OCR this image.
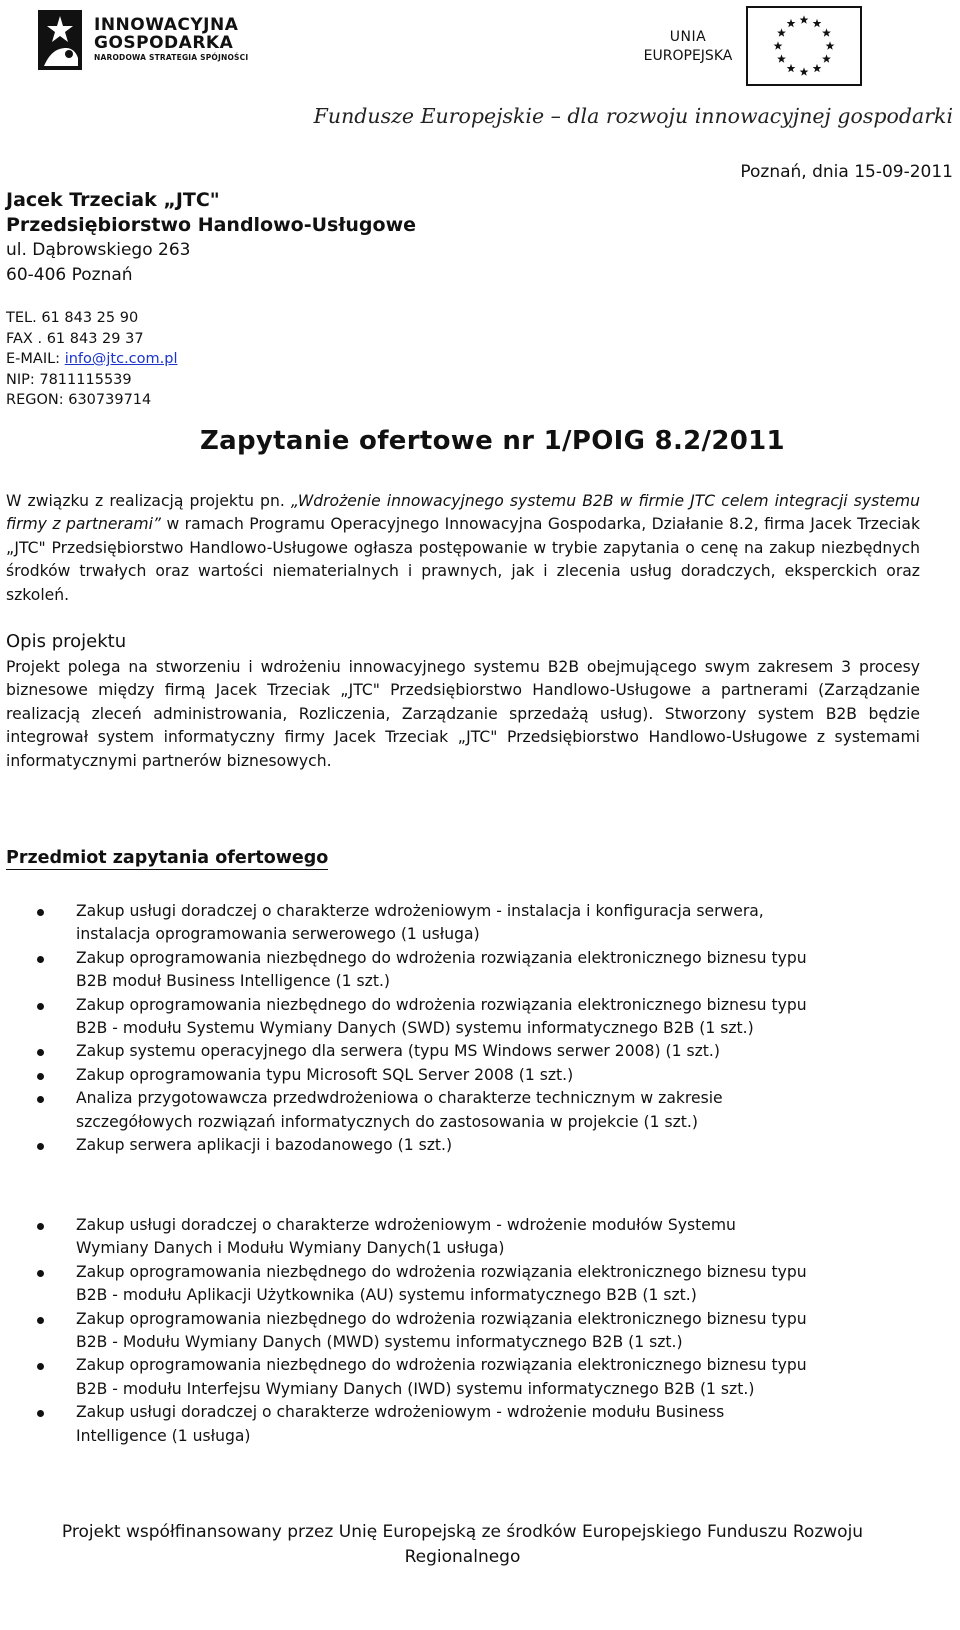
INNOWACYJNA
GOSPODARKA
NARODOWA STRATEGIA SPÓJNOŚCI
UNIA
EUROPEJSKA
Fundusze Europejskie – dla rozwoju innowacyjnej gospodarki
Poznań, dnia 15-09-2011
Jacek Trzeciak „JTC"
Przedsiębiorstwo Handlowo-Usługowe
ul. Dąbrowskiego 263
60-406 Poznań
TEL. 61 843 25 90
FAX . 61 843 29 37
E-MAIL: info@jtc.com.pl
NIP: 7811115539
REGON: 630739714
Zapytanie ofertowe nr 1/POIG 8.2/2011
W związku z realizacją projektu pn. „Wdrożenie innowacyjnego systemu B2B w firmie JTC celem integracji systemu firmy z partnerami” w ramach Programu Operacyjnego Innowacyjna Gospodarka, Działanie 8.2, firma Jacek Trzeciak „JTC" Przedsiębiorstwo Handlowo-Usługowe ogłasza postępowanie w trybie zapytania o cenę na zakup niezbędnych środków trwałych oraz wartości niematerialnych i prawnych, jak i zlecenia usług doradczych, eksperckich oraz szkoleń.
Opis projektu
Projekt polega na stworzeniu i wdrożeniu innowacyjnego systemu B2B obejmującego swym zakresem 3 procesy biznesowe między firmą Jacek Trzeciak „JTC" Przedsiębiorstwo Handlowo-Usługowe a partnerami (Zarządzanie realizacją zleceń administrowania, Rozliczenia, Zarządzanie sprzedażą usług). Stworzony system B2B będzie integrował system informatyczny firmy Jacek Trzeciak „JTC" Przedsiębiorstwo Handlowo-Usługowe z systemami informatycznymi partnerów biznesowych.
Przedmiot zapytania ofertowego
Zakup usługi doradczej o charakterze wdrożeniowym - instalacja i konfiguracja serwera,
instalacja oprogramowania serwerowego (1 usługa)
Zakup oprogramowania niezbędnego do wdrożenia rozwiązania elektronicznego biznesu typu
B2B moduł Business Intelligence (1 szt.)
Zakup oprogramowania niezbędnego do wdrożenia rozwiązania elektronicznego biznesu typu
B2B - modułu Systemu Wymiany Danych (SWD) systemu informatycznego B2B (1 szt.)
Zakup systemu operacyjnego dla serwera (typu MS Windows serwer 2008) (1 szt.)
Zakup oprogramowania typu Microsoft SQL Server 2008 (1 szt.)
Analiza przygotowawcza przedwdrożeniowa o charakterze technicznym w zakresie
szczegółowych rozwiązań informatycznych do zastosowania w projekcie (1 szt.)
Zakup serwera aplikacji i bazodanowego (1 szt.)
Zakup usługi doradczej o charakterze wdrożeniowym - wdrożenie modułów Systemu
Wymiany Danych i Modułu Wymiany Danych(1 usługa)
Zakup oprogramowania niezbędnego do wdrożenia rozwiązania elektronicznego biznesu typu
B2B - modułu Aplikacji Użytkownika (AU) systemu informatycznego B2B (1 szt.)
Zakup oprogramowania niezbędnego do wdrożenia rozwiązania elektronicznego biznesu typu
B2B - Modułu Wymiany Danych (MWD) systemu informatycznego B2B (1 szt.)
Zakup oprogramowania niezbędnego do wdrożenia rozwiązania elektronicznego biznesu typu
B2B - modułu Interfejsu Wymiany Danych (IWD) systemu informatycznego B2B (1 szt.)
Zakup usługi doradczej o charakterze wdrożeniowym - wdrożenie modułu Business
Intelligence (1 usługa)
Projekt współfinansowany przez Unię Europejską ze środków Europejskiego Funduszu Rozwoju
Regionalnego
